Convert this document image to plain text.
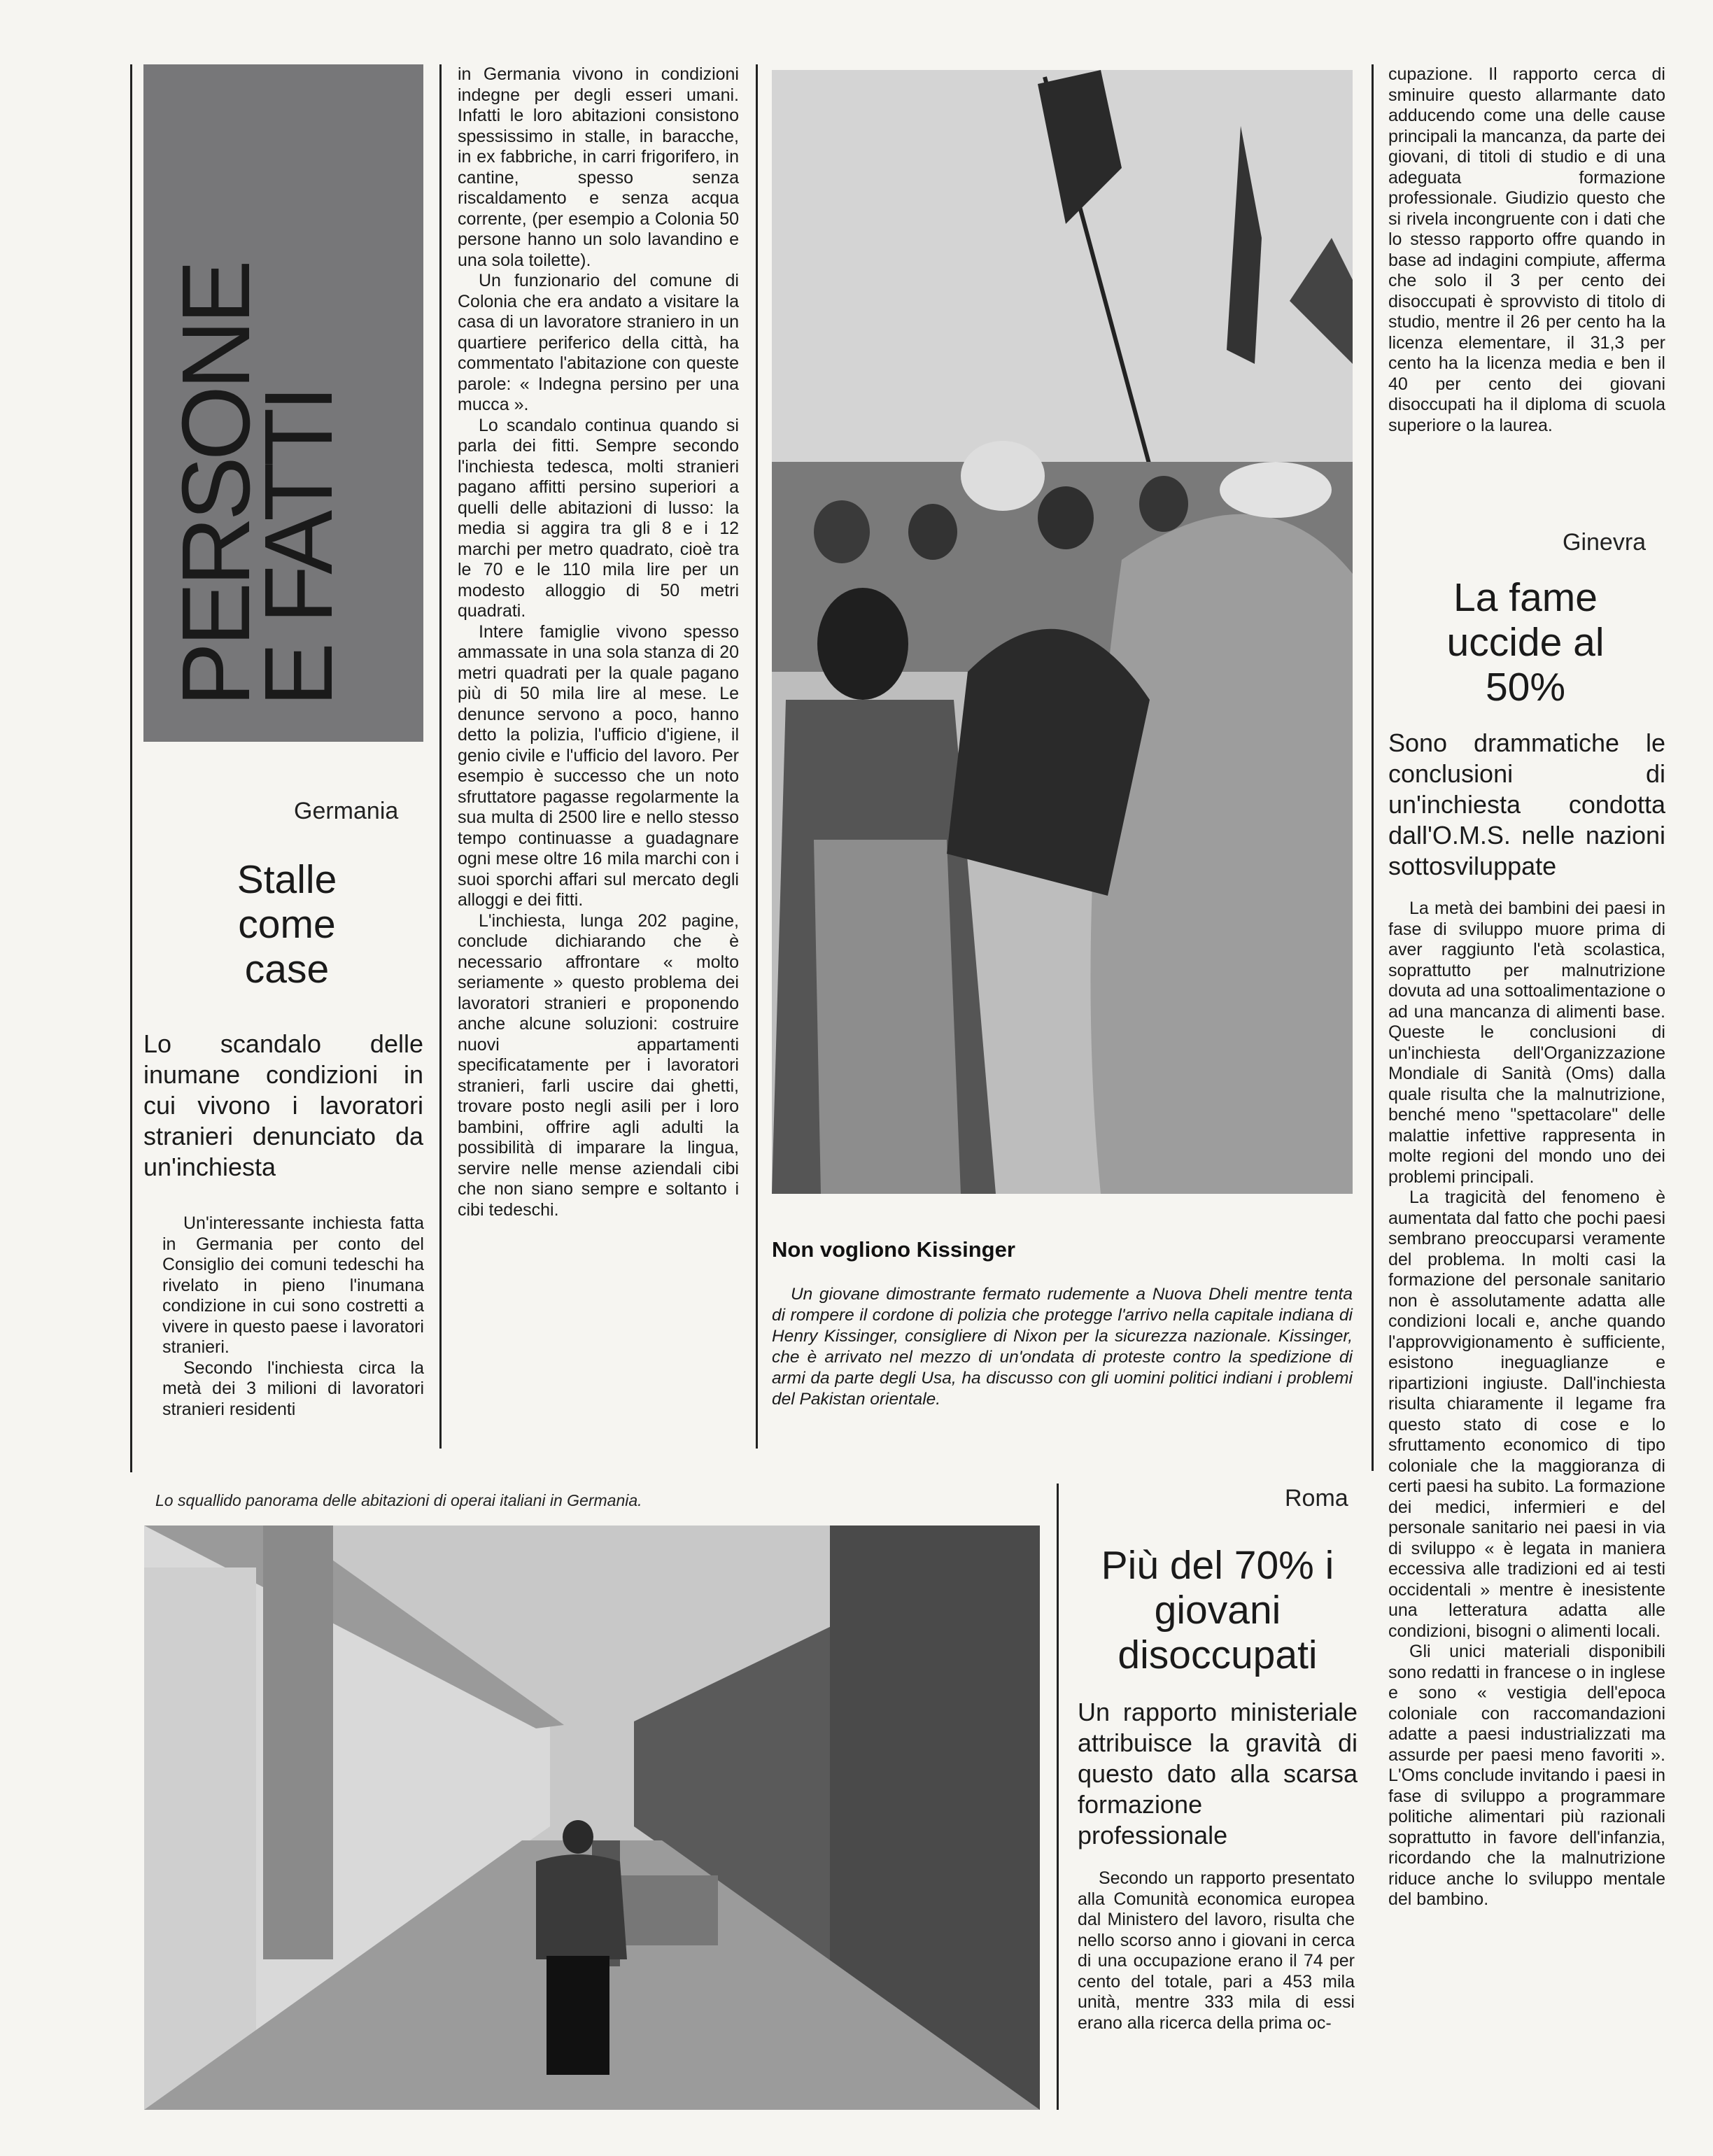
PERSONE
E FATTI
Germania
Stalle come case
Lo scandalo delle inumane condizioni in cui vivono i lavoratori stranieri denunciato da un'inchiesta

Un'interessante inchiesta fatta in Germania per conto del Consiglio dei comuni tedeschi ha rivelato in pieno l'inumana condizione in cui sono costretti a vivere in questo paese i lavoratori stranieri.

Secondo l'inchiesta circa la metà dei 3 milioni di lavoratori stranieri residenti

in Germania vivono in condizioni indegne per degli esseri umani. Infatti le loro abitazioni consistono spessissimo in stalle, in baracche, in ex fabbriche, in carri frigorifero, in cantine, spesso senza riscaldamento e senza acqua corrente, (per esempio a Colonia 50 persone hanno un solo lavandino e una sola toilette).

Un funzionario del comune di Colonia che era andato a visitare la casa di un lavoratore straniero in un quartiere periferico della città, ha commentato l'abitazione con queste parole: « Indegna persino per una mucca ».

Lo scandalo continua quando si parla dei fitti. Sempre secondo l'inchiesta tedesca, molti stranieri pagano affitti persino superiori a quelli delle abitazioni di lusso: la media si aggira tra gli 8 e i 12 marchi per metro quadrato, cioè tra le 70 e le 110 mila lire per un modesto alloggio di 50 metri quadrati.

Intere famiglie vivono spesso ammassate in una sola stanza di 20 metri quadrati per la quale pagano più di 50 mila lire al mese. Le denunce servono a poco, hanno detto la polizia, l'ufficio d'igiene, il genio civile e l'ufficio del lavoro. Per esempio è successo che un noto sfruttatore pagasse regolarmente la sua multa di 2500 lire e nello stesso tempo continuasse a guadagnare ogni mese oltre 16 mila marchi con i suoi sporchi affari sul mercato degli alloggi e dei fitti.

L'inchiesta, lunga 202 pagine, conclude dichiarando che è necessario affrontare « molto seriamente » questo problema dei lavoratori stranieri e proponendo anche alcune soluzioni: costruire nuovi appartamenti specificatamente per i lavoratori stranieri, farli uscire dai ghetti, trovare posto negli asili per i loro bambini, offrire agli adulti la possibilità di imparare la lingua, servire nelle mense aziendali cibi che non siano sempre e soltanto i cibi tedeschi.

Non vogliono Kissinger
Un giovane dimostrante fermato rudemente a Nuova Dheli mentre tenta di rompere il cordone di polizia che protegge l'arrivo nella capitale indiana di Henry Kissinger, consigliere di Nixon per la sicurezza nazionale. Kissinger, che è arrivato nel mezzo di un'ondata di proteste contro la spedizione di armi da parte degli Usa, ha discusso con gli uomini politici indiani i problemi del Pakistan orientale.
cupazione. Il rapporto cerca di sminuire questo allarmante dato adducendo come una delle cause principali la mancanza, da parte dei giovani, di titoli di studio e di una adeguata formazione professionale. Giudizio questo che si rivela incongruente con i dati che lo stesso rapporto offre quando in base ad indagini compiute, afferma che solo il 3 per cento dei disoccupati è sprovvisto di titolo di studio, mentre il 26 per cento ha la licenza elementare, il 31,3 per cento ha la licenza media e ben il 40 per cento dei giovani disoccupati ha il diploma di scuola superiore o la laurea.
Ginevra
La fame uccide al 50%
Sono drammatiche le conclusioni di un'inchiesta condotta dall'O.M.S. nelle nazioni sottosviluppate

La metà dei bambini dei paesi in fase di sviluppo muore prima di aver raggiunto l'età scolastica, soprattutto per malnutrizione dovuta ad una sottoalimentazione o ad una mancanza di alimenti base. Queste le conclusioni di un'inchiesta dell'Organizzazione Mondiale di Sanità (Oms) dalla quale risulta che la malnutrizione, benché meno "spettacolare" delle malattie infettive rappresenta in molte regioni del mondo uno dei problemi principali.

La tragicità del fenomeno è aumentata dal fatto che pochi paesi sembrano preoccuparsi veramente del problema. In molti casi la formazione del personale sanitario non è assolutamente adatta alle condizioni locali e, anche quando l'approvvigionamento è sufficiente, esistono ineguaglianze e ripartizioni ingiuste. Dall'inchiesta risulta chiaramente il legame fra questo stato di cose e lo sfruttamento economico di tipo coloniale che la maggioranza di certi paesi ha subito. La formazione dei medici, infermieri e del personale sanitario nei paesi in via di sviluppo « è legata in maniera eccessiva alle tradizioni ed ai testi occidentali » mentre è inesistente una letteratura adatta alle condizioni, bisogni o alimenti locali.

Gli unici materiali disponibili sono redatti in francese o in inglese e sono « vestigia dell'epoca coloniale con raccomandazioni adatte a paesi industrializzati ma assurde per paesi meno favoriti ». L'Oms conclude invitando i paesi in fase di sviluppo a programmare politiche alimentari più razionali soprattutto in favore dell'infanzia, ricordando che la malnutrizione riduce anche lo sviluppo mentale del bambino.

Lo squallido panorama delle abitazioni di operai italiani in Germania.	Roma
Più del 70% i giovani disoccupati
Un rapporto ministeriale attribuisce la gravità di questo dato alla scarsa formazione professionale

Secondo un rapporto presentato alla Comunità economica europea dal Ministero del lavoro, risulta che nello scorso anno i giovani in cerca di una occupazione erano il 74 per cento del totale, pari a 453 mila unità, mentre 333 mila di essi erano alla ricerca della prima oc-
